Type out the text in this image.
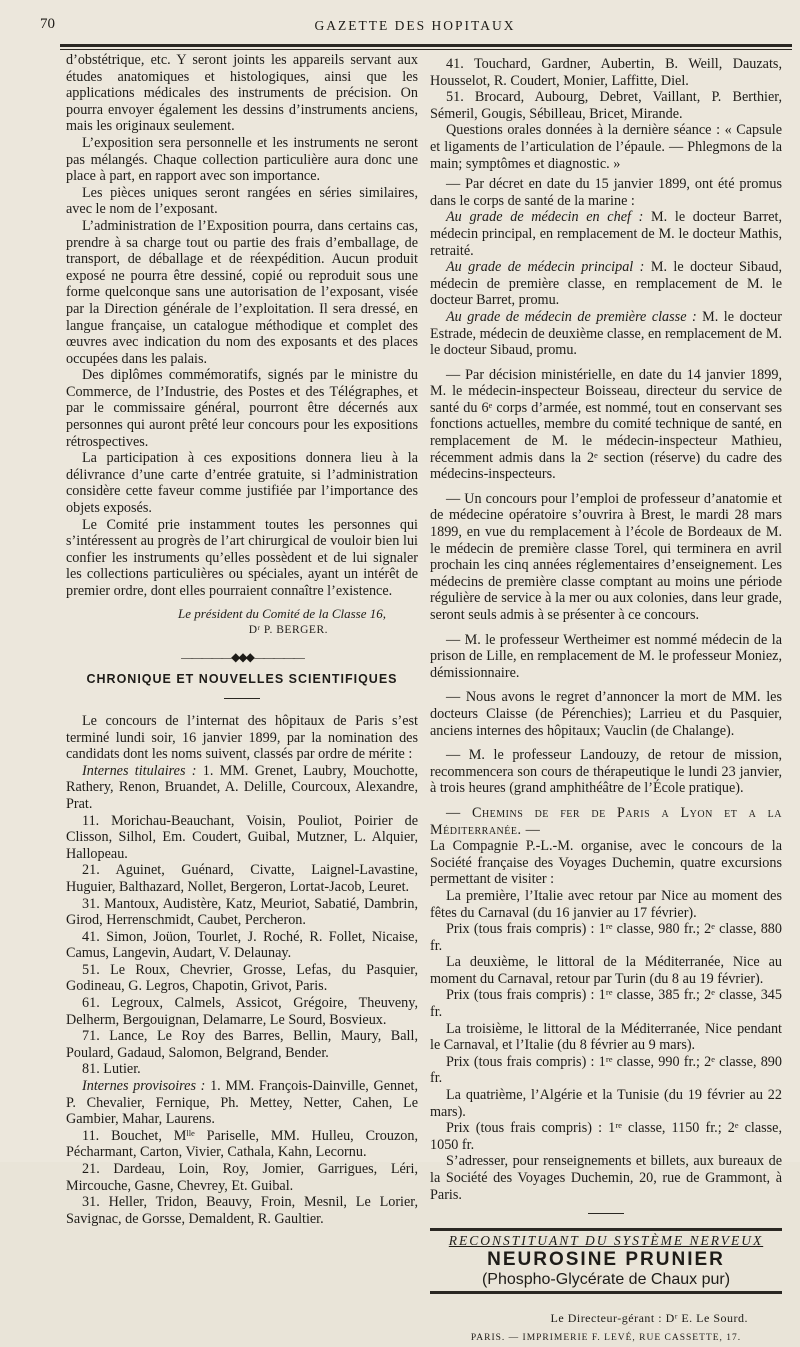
70	GAZETTE DES HOPITAUX

d’obstétrique, etc. Y seront joints les appareils servant aux études anatomiques et histologiques, ainsi que les applications médicales des instruments de précision. On pourra envoyer également les dessins d’instruments anciens, mais les originaux seulement.

L’exposition sera personnelle et les instruments ne seront pas mélangés. Chaque collection particulière aura donc une place à part, en rapport avec son importance.

Les pièces uniques seront rangées en séries similaires, avec le nom de l’exposant.

L’administration de l’Exposition pourra, dans certains cas, prendre à sa charge tout ou partie des frais d’emballage, de transport, de déballage et de réexpédition. Aucun produit exposé ne pourra être dessiné, copié ou reproduit sous une forme quelconque sans une autorisation de l’exposant, visée par la Direction générale de l’exploitation. Il sera dressé, en langue française, un catalogue méthodique et complet des œuvres avec indication du nom des exposants et des places occupées dans les palais.

Des diplômes commémoratifs, signés par le ministre du Commerce, de l’Industrie, des Postes et des Télégraphes, et par le commissaire général, pourront être décernés aux personnes qui auront prêté leur concours pour les expositions rétrospectives.

La participation à ces expositions donnera lieu à la délivrance d’une carte d’entrée gratuite, si l’administration considère cette faveur comme justifiée par l’importance des objets exposés.

Le Comité prie instamment toutes les personnes qui s’intéressent au progrès de l’art chirurgical de vouloir bien lui confier les instruments qu’elles possèdent et de lui signaler les collections particulières ou spéciales, ayant un intérêt de premier ordre, dont elles pourraient connaître l’existence.

Le président du Comité de la Classe 16,

Dʳ P. BERGER.

—————◆◆◆—————
CHRONIQUE ET NOUVELLES SCIENTIFIQUES

Le concours de l’internat des hôpitaux de Paris s’est terminé lundi soir, 16 janvier 1899, par la nomination des candidats dont les noms suivent, classés par ordre de mérite :

Internes titulaires : 1. MM. Grenet, Laubry, Mouchotte, Rathery, Renon, Bruandet, A. Delille, Courcoux, Alexandre, Prat.

11. Morichau-Beauchant, Voisin, Pouliot, Poirier de Clisson, Silhol, Em. Coudert, Guibal, Mutzner, L. Alquier, Hallopeau.

21. Aguinet, Guénard, Civatte, Laignel-Lavastine, Huguier, Balthazard, Nollet, Bergeron, Lortat-Jacob, Leuret.

31. Mantoux, Audistère, Katz, Meuriot, Sabatié, Dambrin, Girod, Herrenschmidt, Caubet, Percheron.

41. Simon, Joüon, Tourlet, J. Roché, R. Follet, Nicaise, Camus, Langevin, Audart, V. Delaunay.

51. Le Roux, Chevrier, Grosse, Lefas, du Pasquier, Godineau, G. Legros, Chapotin, Grivot, Paris.

61. Legroux, Calmels, Assicot, Grégoire, Theuveny, Delherm, Bergouignan, Delamarre, Le Sourd, Bosvieux.

71. Lance, Le Roy des Barres, Bellin, Maury, Ball, Poulard, Gadaud, Salomon, Belgrand, Bender.

81. Lutier.

Internes provisoires : 1. MM. François-Dainville, Gennet, P. Chevalier, Fernique, Ph. Mettey, Netter, Cahen, Le Gambier, Mahar, Laurens.

11. Bouchet, Mˡˡᵉ Pariselle, MM. Hulleu, Crouzon, Pécharmant, Carton, Vivier, Cathala, Kahn, Lecornu.

21. Dardeau, Loin, Roy, Jomier, Garrigues, Léri, Mircouche, Gasne, Chevrey, Et. Guibal.

31. Heller, Tridon, Beauvy, Froin, Mesnil, Le Lorier, Savignac, de Gorsse, Demaldent, R. Gaultier.

41. Touchard, Gardner, Aubertin, B. Weill, Dauzats, Housselot, R. Coudert, Monier, Laffitte, Diel.

51. Brocard, Aubourg, Debret, Vaillant, P. Berthier, Sémeril, Gougis, Sébilleau, Bricet, Mirande.

Questions orales données à la dernière séance : « Capsule et ligaments de l’articulation de l’épaule. — Phlegmons de la main; symptômes et diagnostic. »

— Par décret en date du 15 janvier 1899, ont été promus dans le corps de santé de la marine :

Au grade de médecin en chef : M. le docteur Barret, médecin principal, en remplacement de M. le docteur Mathis, retraité.

Au grade de médecin principal : M. le docteur Sibaud, médecin de première classe, en remplacement de M. le docteur Barret, promu.

Au grade de médecin de première classe : M. le docteur Estrade, médecin de deuxième classe, en remplacement de M. le docteur Sibaud, promu.

— Par décision ministérielle, en date du 14 janvier 1899, M. le médecin-inspecteur Boisseau, directeur du service de santé du 6ᵉ corps d’armée, est nommé, tout en conservant ses fonctions actuelles, membre du comité technique de santé, en remplacement de M. le médecin-inspecteur Mathieu, récemment admis dans la 2ᵉ section (réserve) du cadre des médecins-inspecteurs.

— Un concours pour l’emploi de professeur d’anatomie et de médecine opératoire s’ouvrira à Brest, le mardi 28 mars 1899, en vue du remplacement à l’école de Bordeaux de M. le médecin de première classe Torel, qui terminera en avril prochain les cinq années réglementaires d’enseignement. Les médecins de première classe comptant au moins une période régulière de service à la mer ou aux colonies, dans leur grade, seront seuls admis à se présenter à ce concours.

— M. le professeur Wertheimer est nommé médecin de la prison de Lille, en remplacement de M. le professeur Moniez, démissionnaire.

— Nous avons le regret d’annoncer la mort de MM. les docteurs Claisse (de Pérenchies); Larrieu et du Pasquier, anciens internes des hôpitaux; Vauclin (de Chalange).

— M. le professeur Landouzy, de retour de mission, recommencera son cours de thérapeutique le lundi 23 janvier, à trois heures (grand amphithéâtre de l’École pratique).

— Chemins de fer de Paris a Lyon et a la Méditerranée. —

La Compagnie P.-L.-M. organise, avec le concours de la Société française des Voyages Duchemin, quatre excursions permettant de visiter :

La première, l’Italie avec retour par Nice au moment des fêtes du Carnaval (du 16 janvier au 17 février).

Prix (tous frais compris) : 1ʳᵉ classe, 980 fr.; 2ᵉ classe, 880 fr.

La deuxième, le littoral de la Méditerranée, Nice au moment du Carnaval, retour par Turin (du 8 au 19 février).

Prix (tous frais compris) : 1ʳᵉ classe, 385 fr.; 2ᵉ classe, 345 fr.

La troisième, le littoral de la Méditerranée, Nice pendant le Carnaval, et l’Italie (du 8 février au 9 mars).

Prix (tous frais compris) : 1ʳᵉ classe, 990 fr.; 2ᵉ classe, 890 fr.

La quatrième, l’Algérie et la Tunisie (du 19 février au 22 mars).

Prix (tous frais compris) : 1ʳᵉ classe, 1150 fr.; 2ᵉ classe, 1050 fr.

S’adresser, pour renseignements et billets, aux bureaux de la Société des Voyages Duchemin, 20, rue de Grammont, à Paris.

RECONSTITUANT DU SYSTÈME NERVEUX
NEUROSINE PRUNIER
(Phospho-Glycérate de Chaux pur)

Le Directeur-gérant : Dʳ E. Le Sourd.

PARIS. — IMPRIMERIE F. LEVÉ, RUE CASSETTE, 17.
